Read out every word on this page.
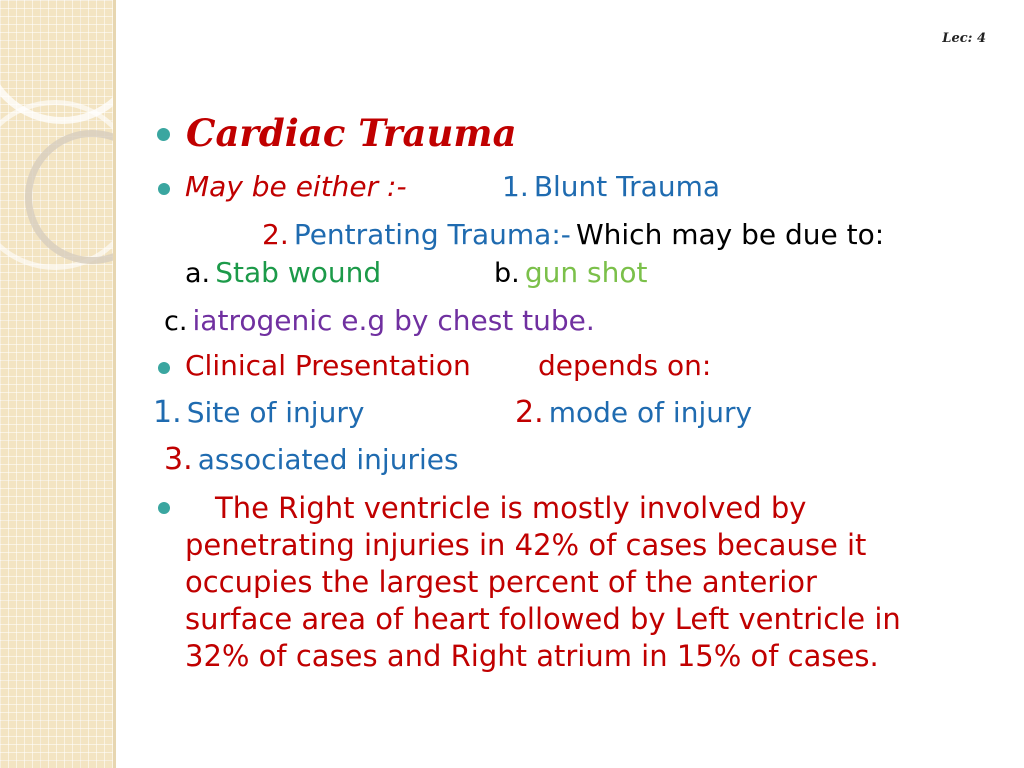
Lec: 4
Cardiac Trauma
May be either :-	1. Blunt Trauma
2. Pentrating Trauma:- Which may be due to:
a. Stab wound	b. gun shot
c. iatrogenic e.g by chest tube.
Clinical Presentation depends on:
1. Site of injury	2. mode of injury
3. associated injuries
The Right ventricle is mostly involved by
penetrating injuries in 42% of cases because it
occupies the largest percent of the anterior
surface area of heart followed by Left ventricle in
32% of cases and Right atrium in 15% of cases.
